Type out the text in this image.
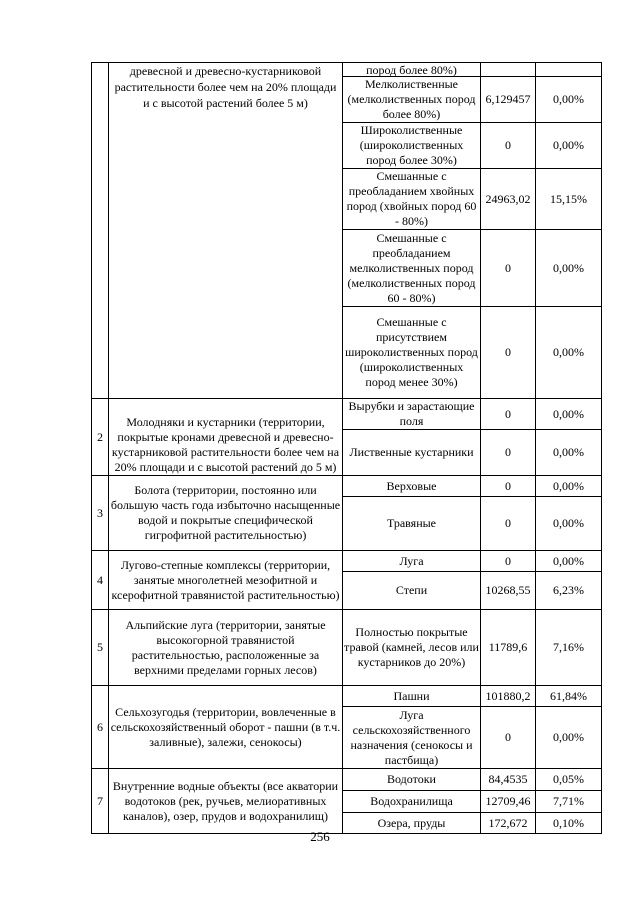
	древесной и древесно-кустарниковой растительности более чем на 20% площади и с высотой растений более 5 м)	пород более 80%)		
		Мелколиственные (мелколиственных пород более 80%)	6,129457	0,00%
		Широколиственные (широколиственных пород более 30%)	0	0,00%
		Смешанные с преобладанием хвойных пород (хвойных пород 60 - 80%)	24963,02	15,15%
		Смешанные с преобладанием мелколиственных пород (мелколиственных пород 60 - 80%)	0	0,00%
		Смешанные с присутствием широколиственных пород (широколиственных пород менее 30%)	0	0,00%
2	Молодняки и кустарники (территории, покрытые кронами древесной и древесно-кустарниковой растительности более чем на 20% площади и с высотой растений до 5 м)	Вырубки и зарастающие поля	0	0,00%
		Лиственные кустарники	0	0,00%
3	Болота (территории, постоянно или большую часть года избыточно насыщенные водой и покрытые специфической гигрофитной растительностью)	Верховые	0	0,00%
		Травяные	0	0,00%
4	Лугово-степные комплексы (территории, занятые многолетней мезофитной и ксерофитной травянистой растительностью)	Луга	0	0,00%
		Степи	10268,55	6,23%
5	Альпийские луга (территории, занятые высокогорной травянистой растительностью, расположенные за верхними пределами горных лесов)	Полностью покрытые травой (камней, лесов или кустарников до 20%)	11789,6	7,16%
6	Сельхозугодья (территории, вовлеченные в сельскохозяйственный оборот - пашни (в т.ч. заливные), залежи, сенокосы)	Пашни	101880,2	61,84%
		Луга сельскохозяйственного назначения (сенокосы и пастбища)	0	0,00%
7	Внутренние водные объекты (все акватории водотоков (рек, ручьев, мелиоративных каналов), озер, прудов и водохранилищ)	Водотоки	84,4535	0,05%
		Водохранилища	12709,46	7,71%
		Озера, пруды	172,672	0,10%
256
